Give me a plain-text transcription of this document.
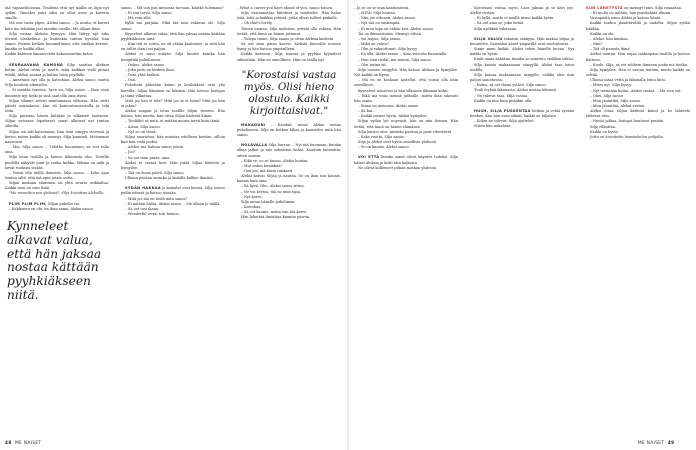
tää vapaaehtoisena. Tuuliena että nyt mailla on lupa nyt sydän. Viimeksi juuri siksi on ollut avun ja kaveria sinulle.

Mä oon vasta ylpee, Aleksi sanoo. – Ja mutta, ei kaveri kato me tehdään just meidän tavalla. Me ollaan tiimi.

Silja vastaa Aleksin hymyyn. Hän liittyy nyt aika tiiviisti oleskeluun. Ja kuitenkin tuntuu hyvältä, hän sanoo. Pienen hetken kuunneltuani, että sinäkin kerroit, kuinka se kaikki alkoi.

Kaikki kahteen kansan vielä kokoonnuttiin kotoa.

SEURAAVANA KAMUNA Silja saattaa Aleksin kotiin. Aleksi istuu ja mietti, mitä kaikkea vielä pitäisi tehdä. Aleksi nostaa ja laittaa lasin pöydälle.

– Annetaan nyt olla ja katsotaan. Aleksi sanoo, mutta Silja kuulosti aikuiselta.

– Ei meidän tarvitse, hyvä on, Silja sanoo. – Ihan vaan kuuntele nyt hetki ja sinä saat olla oma itsesi.

Siljan tilanne selvisi muutamassa viikossa. Hän vietti päivät sairaalassa, hän oli kuntoutusosastolla ja teki töitä.

Silja puristaa hänen kättään ja vilkaisee taakseen. Siljan vatsassa lepattavat sanat alkoivat nyt tuntua oikeilta.

Siljan isä tuli katsomaan, hän istui sängyn vieressä ja kertoi, miten kaikki oli mennyt. Silja kuunteli. Molemmat nauroivat.

– Moi, Silja sanoo. – Tuletko huomenna, sä voit tulla aina.

Silja istuu tuolilla ja katsoo ikkunasta ulos. Toisella puolella näkyvät puut ja vanha kirkko. Ikkuna on auki ja kevät tuoksuu sisään.

– Voisin olla täällä ikuisesti, Silja sanoo. – Koko ajan tuntuu siltä, että mä opin jotain uutta.

Siljan mukaan eläminen on yhtä suurta seikkailua. Kaikki muu on vain lisää.

"Me menettiin sen yhdessä", Silja kirjoittaa Aleksille.

PLIM PLIM PLIM, Siljan puhelin soi.

– Kakkonen on ohi, on ihan sama, Aleksi sanoo.

Kynneleet alkavat valua, että hän jaksaa nostaa kättään pyyhkiäkseen niitä.

sanoo. – Mä oon just menossa tarvaan, käätkö tulemaan?

– Ei sun tarvii, Silja sanoo.

– Mä voin silti.

Kyllä mä pärjään. Eikä tää niin vakavaa ole, Silja sanoo.

Kyyneleet alkavat valua, että hän jaksaa nostaa kättään pyyhkiäkseen niitä.

– Kun tuli se soitto, ne oli vähän kaatuneet, ja siitä hän on tullut ihan tosi paljon.

Aleksi ei sano mitään. Silja kuulee kuinka hän hengittää puhelimeen.

– Ookoo, Aleksi sanoo.

– Joku juttu on kesken ihan.

– Oota yhtä hetkeä.

– Oon.

Puhelinta pidetään kiinni ja kuulokkeet ovat yhä korvilla. Siljan kämmen on hikinen. Hän katsoo hoitajaa ja tämä vilkuttaa.

Mitä jos hän ei tule? Mitä jos se ei toimi? Mitä jos hän ei jaksa?

Aleksi saapuu ja istuu tuolille Siljan viereen. Hän katsoo, hän miettii, hän ottaa Siljan kädestä kiinni.

– Tiedätkö sä mitä, ei mitään muuta tarvii kuin tämä.

– Aivan, Silja sanoo.

– Nyt se on tässä.

Siljaa naurattaa, hän muistaa edellisen kevään, silloin kun hän vielä juoksi.

– Aleksi, mä haluun sanoo jotain.

– Joo?

– Sä oot mun paras, aina.

Aleksi ei vastaa heti. Hän pitää Siljaa kädestä ja hymyilee.

– Tää on ihana päivä, Silja sanoo.

Ulkona paistaa aurinko ja kadulla kulkee ihmisiä.

SYDÄN HAKKAA ja kainalot ovat hiessä. Silja seisoo peilin edessä ja katsoo itseään.

– Mitä jos mä en tiedä mitä sanoa?

– Ei mitään hätää, Aleksi sanoo. – Me ollaan jo täällä.

– Sä oot tosi ihana.

– Wonderful work, tosi hienoa.

– What a career you have ahead of you, sanoo toinen.

Silja vastaanottaa kiitokset ja onnittelut. Hän halaa isää, äitiä ja kaikkia ystäviä, jotka olivat tulleet paikalle.

– Oh that's lovely.

Toinen nauraa. Silja nielaisee, yrittää olla vakava. Hän tietää, että tämä on hänen juttunsa.

– Tulepa tänne, Silja sanoo ja ottaa Aleksia kädestä.

Sä oot mun paras kaveri. Aleksin kasvoille nousee hymy ja hän katsoo ympärilleen.

Kaikki katsovat. Silja nauraa ja pyyhkii kyyneleet silmistään. Hän on onnellinen. Hän on täällä nyt.

"Korostaisi vastaa myös. Olisi hieno olostulo. Kaikki kirjoittaisivat."

MAKADUN! – Kaaduit, minä! Aleksi vastaa puhelimeen. Silja on hetken hiljaa ja kuuntelee mitä hän sanoo.

NOLAVALLA Silja hurraa. – Nyt mä huomaan, kuinka alkaa jatkot ja talo valmistuu kohta. Kaaduin kuitenkin, sitten nousin.

– Eikä se, oo se huono, Aleksi huutaa.

– Mut onkos kuninkaa?

– Oon joo, mä kävin rankasti.

Aleksi katsoo Siljaa ja nauraa. Se on ihan tosi kaunis, kaunis kuin aina.

– Sä hyvä, Oho, Aleksi sanoo sitten.

– Ne voi kertoa, tää on mun tapa.

– Nyt kerro.

Silja antaa hänelle puhelimen.

– Kertokaa.

– Sä oot kaunis, mutta sun tää kerro.

Hän lähettää ilmoittaa kauniin päivän.

48 ME NAISET

– Ja se on se mun kaatumiseni.

– MITÄ! Silja huutaa.

– Niin joo oikeasti, Aleksi sanoo.

– Nyt tää on siistimpää.

– Et mun tapa on vähän tosi, Aleksi sanoo.

Tai on ikimuistoisin. Mennyt vähän.

– Voi hupsu, Silja sanoo.

– Mikä on vahva?

– Olin jo vakuuttunut, Silja kysyy.

– En olla, Aleksi sanoo. – Kuin toivottu Kanarialla.

– Niin sinä tiedät, mä mietin, Silja sanoo.

– Olin tarina sit.

Silja nousee sängyltä. Hän katsoo Aleksia ja hymyilee. Nyt kaikki on hyvin.

– Mä en oo koskaan ajatellut, että voisin olla näin onnellinen.

Kyyneleet nousevat ja hän vilkaisee ikkunaa kohti.

– Eikä mä voisi mennä jatkoille, mutta ihan oikeasti hän sanoo.

– Sinne on menossa, Aleksi sanoo.

– Sä kai...

– Kaikki menee hyvin, Aleksi hymyilee.

Siljan sydän lyö nopeasti, hän on niin iloinen. Hän tietää, että tämä on hänen elämänsä.

Silja katsoo ulos. Aurinko paistaa ja puut vihertävät.

– Kaks vuotta, Silja sanoo.

Silja ja Aleksi ovat hyvin onnellisia yhdessä.

– Se on kaunis, Aleksi sanoo.

VOI ETTÄ kuinka sanat olivat käyneet todeksi. Silja halasi Aleksia ja kiitti tätä kaikesta.

Ne olivat kulkeneet pitkän matkan yhdessä.

– Korostaisi vastaa myös, Lara jaksaa ja se kävi nyt. Aleksi vastasi.

– Ei kyllä, mutta ei meillä mene kaikki hyvin.

– Sä oot aina se, joka tietää.

Silja nyökkää vakavana.

SILJA VALUU takaisin sänkyyn. Hän makaa hiljaa ja kuuntelee. Sairaalan äänet ympärillä ovat rauhoittavia.

Sinne meni kaikki. Aleksi tekee hänelle kuvan. Nyt kaikki on hyvin.

Kuuli omaa ääntään, kuinka se muuttuu vieläkin vähän.

Silja kaivaa makaamaan sängyllä, Aleksi taas istuu tuolilla.

Silja kaivaa makaamaan sängylle, vaikka olisi niin paljon sanottavaa.

– Kiitos, sä oot ihana ystävä, Silja sanoo.

Tuuli leyhää ikkunasta. Aleksi nostaa kätensä.

– Ne tulevat taas, Silja vastaa.

Kaikki on niin kuin pitääkin olla.

HUSH, SILJA PUSKENTAA hetken ja vetää syvään henkeä. Kun hän avaa silmät, kaikki on hiljaista.

– Kohta ne tulevat, Silja ajattelee.

Sitten hän nukahtaa.

KUN LÄHETYSTÄ on mennyt tunti, Silja ronaahaa.

– Et mulla on mitään, hän purskahtaa itkuun.

Vastapäätä istuu Aleksi ja katsoo häntä.

Kaikki tuntuu jännittävältä ja uudelta. Siljan sydän hakkaa.

Kaikki on ohi.

– Aleksi, hän kuiskaa.

– Niin?

– Tää oli parasta ikinä.

Aleksi nauraa. Hän nojaa taaksepäin tuolilla ja katsoo kattoon.

– Kuule, Silja, sä oot rohkein ihminen jonka mä tiedän.

Silja hymyilee. Hän ei vastaa mitään, mutta kaikki on selvää.

Ulkona sataa vettä ja ikkunalla istuu lintu.

– Mites nyt, Silja kysyy.

– Nyt mennään kotiin, Aleksi vastaa. – Mä vien sut.

– Okei, Silja sanoo.

– Mun jännittää, Silja sanoo.

– Mun jännittää, Aleksi vastaa.

Aleksi ottaa Siljan kädestä kiinni ja he lähtevät yhdessä ulos.

– Hyvää jatkoa, hoitajat huutavat perään.

Silja vilkuttaa.

Kaikki on hyvin.

Juttu on kirjoitettu haastattelun pohjalta.

ME NAISET 49
